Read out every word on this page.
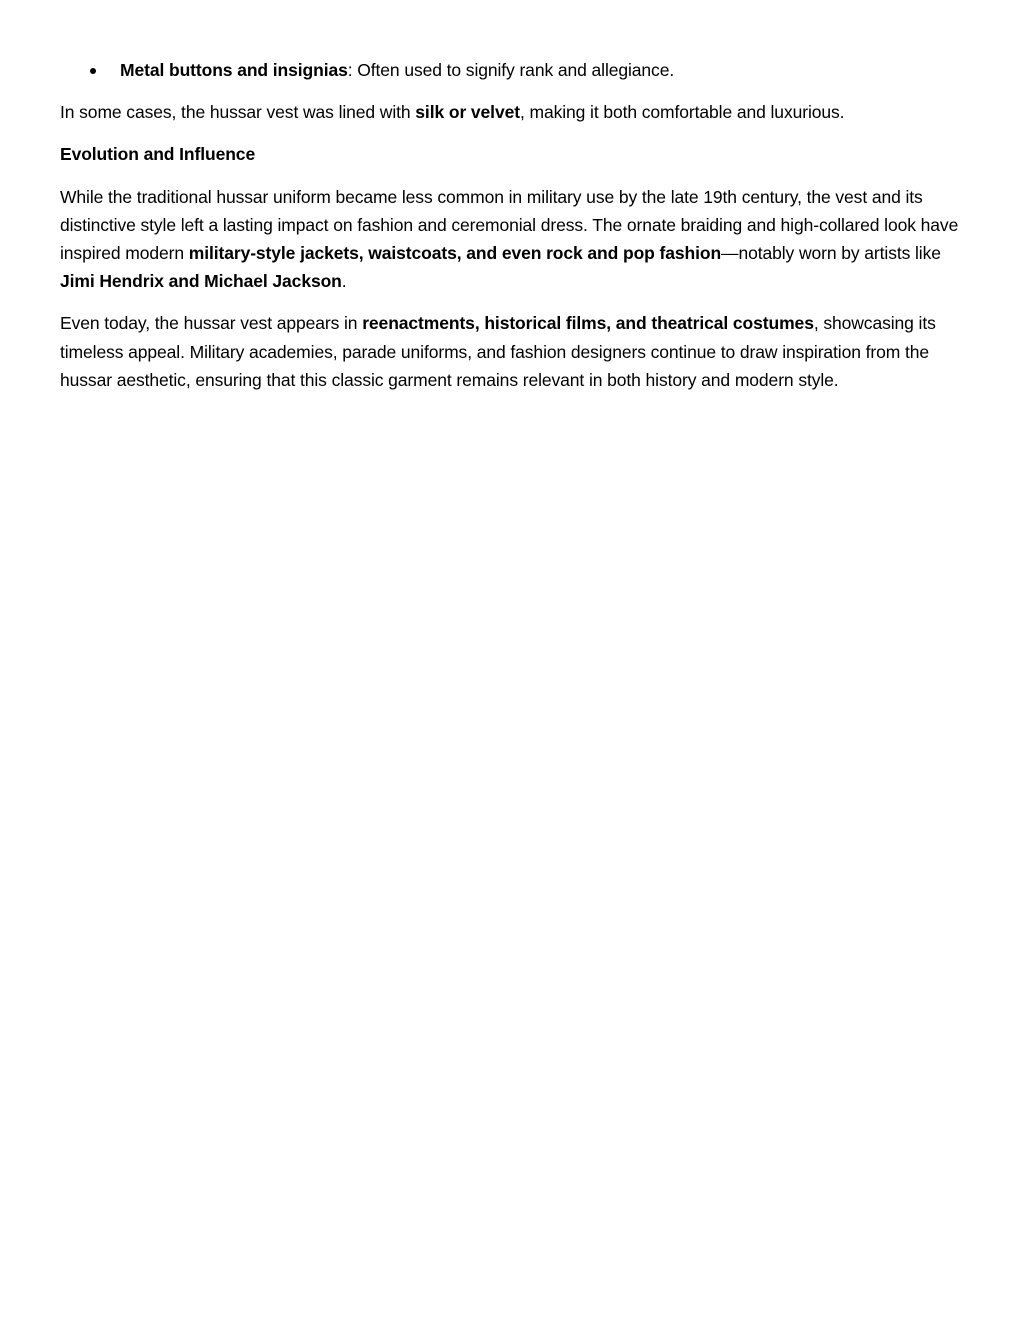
Metal buttons and insignias: Often used to signify rank and allegiance.

In some cases, the hussar vest was lined with silk or velvet, making it both comfortable and luxurious.

Evolution and Influence

While the traditional hussar uniform became less common in military use by the late 19th century, the vest and its distinctive style left a lasting impact on fashion and ceremonial dress. The ornate braiding and high-collared look have inspired modern military-style jackets, waistcoats, and even rock and pop fashion—notably worn by artists like Jimi Hendrix and Michael Jackson.

Even today, the hussar vest appears in reenactments, historical films, and theatrical costumes, showcasing its timeless appeal. Military academies, parade uniforms, and fashion designers continue to draw inspiration from the hussar aesthetic, ensuring that this classic garment remains relevant in both history and modern style.
